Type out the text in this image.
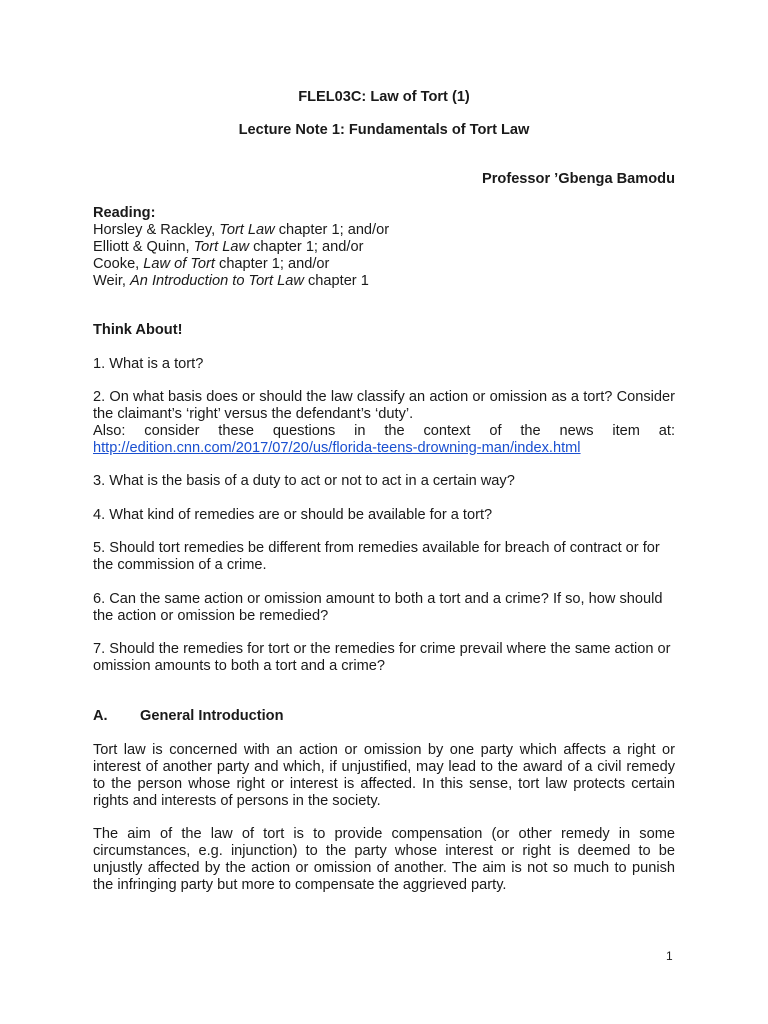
FLEL03C: Law of Tort (1)
Lecture Note 1: Fundamentals of Tort Law
Professor ’Gbenga Bamodu

Reading:

Horsley & Rackley, Tort Law chapter 1; and/or

Elliott & Quinn, Tort Law chapter 1; and/or

Cooke, Law of Tort chapter 1; and/or

Weir, An Introduction to Tort Law chapter 1

Think About!
1. What is a tort?

2. On what basis does or should the law classify an action or omission as a tort? Consider the claimant’s ‘right’ versus the defendant’s ‘duty’.

Also: consider these questions in the context of the news item at:

http://edition.cnn.com/2017/07/20/us/florida-teens-drowning-man/index.html

3. What is the basis of a duty to act or not to act in a certain way?
4. What kind of remedies are or should be available for a tort?
5. Should tort remedies be different from remedies available for breach of contract or for the commission of a crime.
6. Can the same action or omission amount to both a tort and a crime? If so, how should the action or omission be remedied?
7. Should the remedies for tort or the remedies for crime prevail where the same action or omission amounts to both a tort and a crime?
A. General Introduction
Tort law is concerned with an action or omission by one party which affects a right or interest of another party and which, if unjustified, may lead to the award of a civil remedy to the person whose right or interest is affected. In this sense, tort law protects certain rights and interests of persons in the society.
The aim of the law of tort is to provide compensation (or other remedy in some circumstances, e.g. injunction) to the party whose interest or right is deemed to be unjustly affected by the action or omission of another. The aim is not so much to punish the infringing party but more to compensate the aggrieved party.
1
